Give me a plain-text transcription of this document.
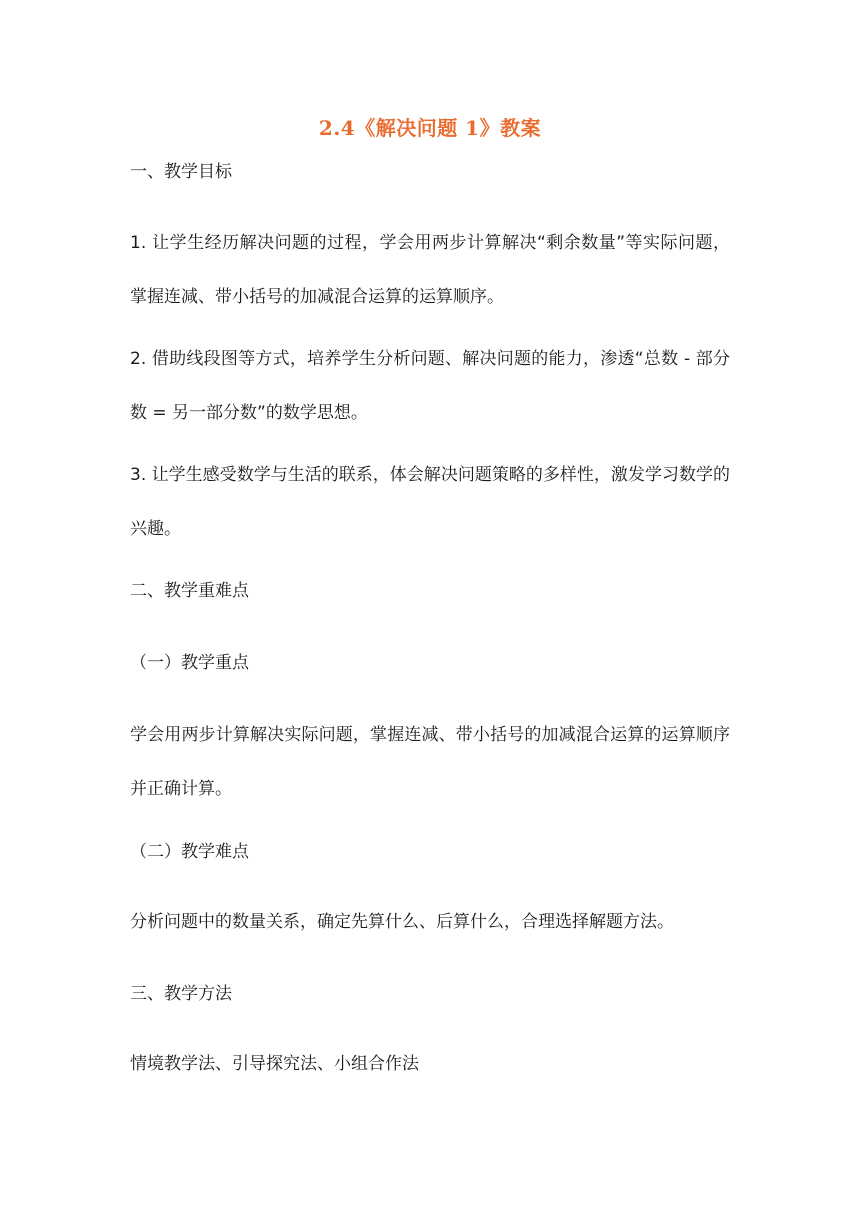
2.4《解决问题 1》教案
一、教学目标
1. 让学生经历解决问题的过程，学会用两步计算解决“剩余数量”等实际问题，掌握连减、带小括号的加减混合运算的运算顺序。
2. 借助线段图等方式，培养学生分析问题、解决问题的能力，渗透“总数 - 部分数 = 另一部分数”的数学思想。
3. 让学生感受数学与生活的联系，体会解决问题策略的多样性，激发学习数学的兴趣。
二、教学重难点
（一）教学重点
学会用两步计算解决实际问题，掌握连减、带小括号的加减混合运算的运算顺序并正确计算。
（二）教学难点
分析问题中的数量关系，确定先算什么、后算什么，合理选择解题方法。
三、教学方法
情境教学法、引导探究法、小组合作法
